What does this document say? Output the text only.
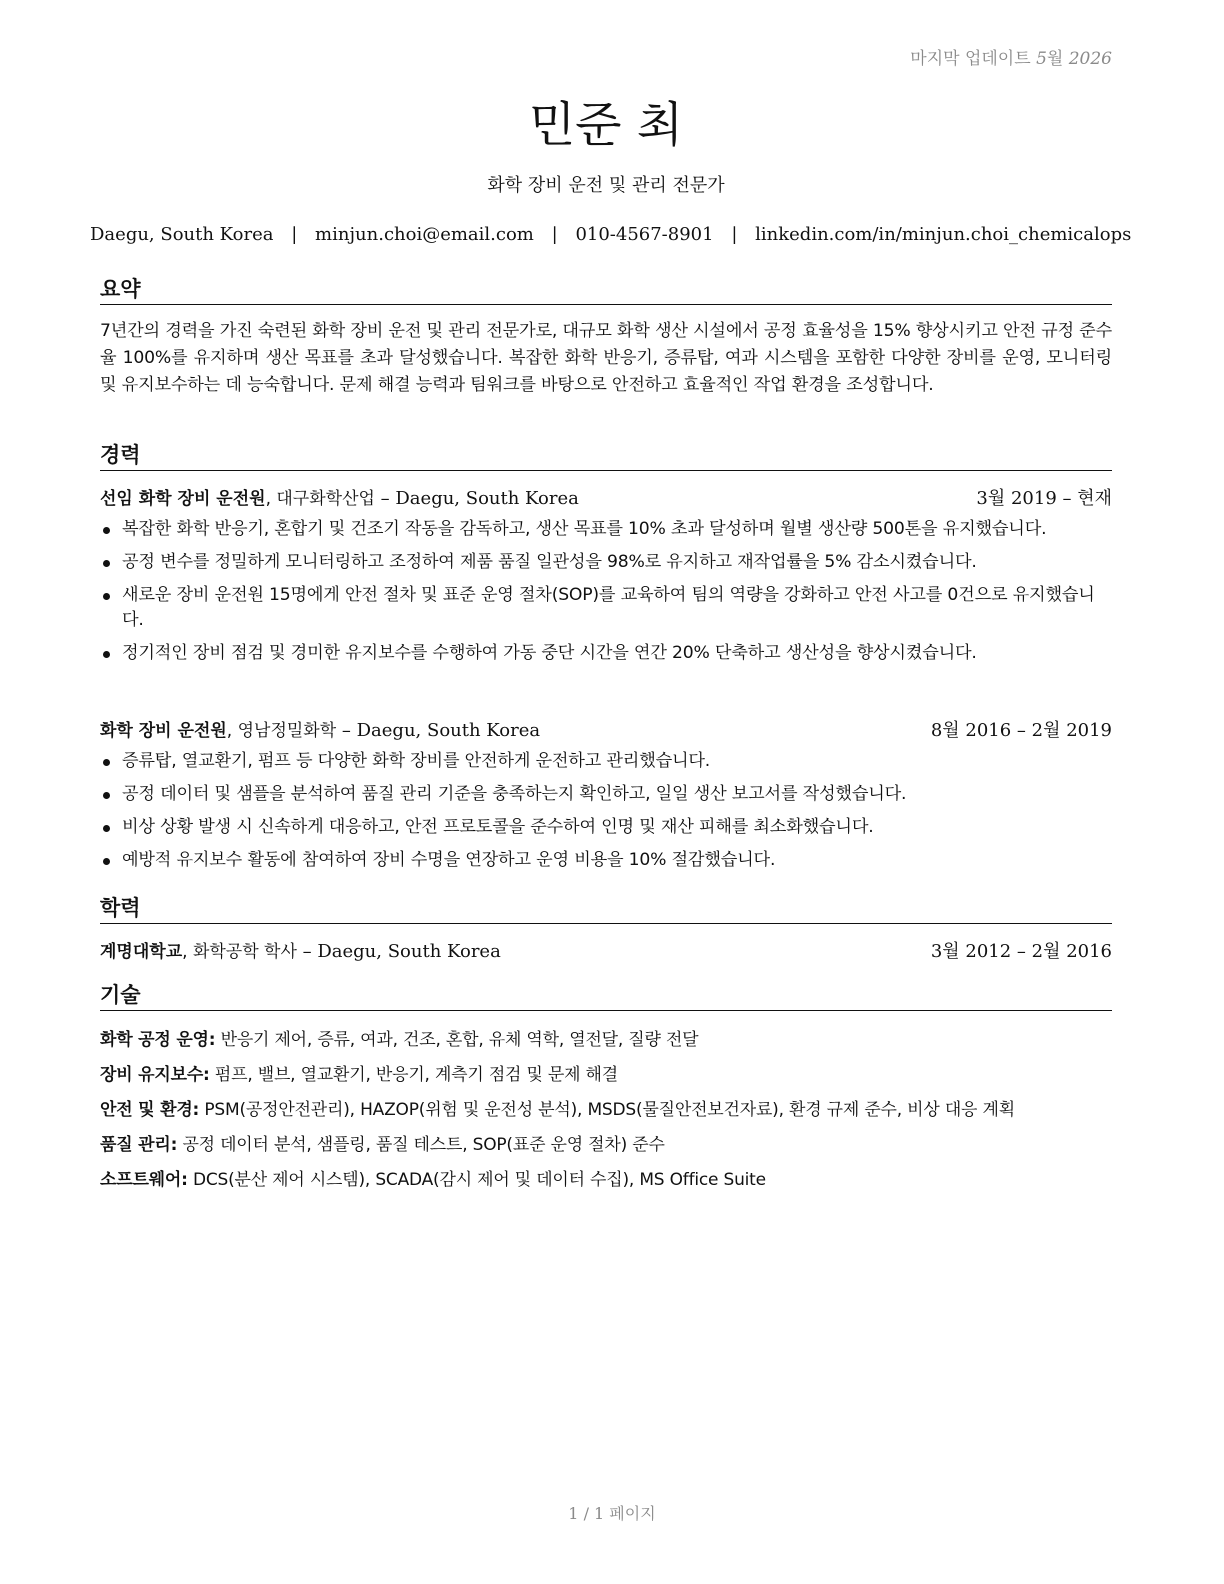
마지막 업데이트 5월 2026
민준 최
화학 장비 운전 및 관리 전문가
Daegu, South Korea | minjun.choi@email.com | 010-4567-8901 | linkedin.com/in/minjun.choi_chemicalops
요약
7년간의 경력을 가진 숙련된 화학 장비 운전 및 관리 전문가로, 대규모 화학 생산 시설에서 공정 효율성을 15% 향상시키고 안전 규정 준수율 100%를 유지하며 생산 목표를 초과 달성했습니다. 복잡한 화학 반응기, 증류탑, 여과 시스템을 포함한 다양한 장비를 운영, 모니터링 및 유지보수하는 데 능숙합니다. 문제 해결 능력과 팀워크를 바탕으로 안전하고 효율적인 작업 환경을 조성합니다.
경력
선임 화학 장비 운전원, 대구화학산업 – Daegu, South Korea	3월 2019 – 현재
복잡한 화학 반응기, 혼합기 및 건조기 작동을 감독하고, 생산 목표를 10% 초과 달성하며 월별 생산량 500톤을 유지했습니다.
공정 변수를 정밀하게 모니터링하고 조정하여 제품 품질 일관성을 98%로 유지하고 재작업률을 5% 감소시켰습니다.
새로운 장비 운전원 15명에게 안전 절차 및 표준 운영 절차(SOP)를 교육하여 팀의 역량을 강화하고 안전 사고를 0건으로 유지했습니다.
정기적인 장비 점검 및 경미한 유지보수를 수행하여 가동 중단 시간을 연간 20% 단축하고 생산성을 향상시켰습니다.
화학 장비 운전원, 영남정밀화학 – Daegu, South Korea	8월 2016 – 2월 2019
증류탑, 열교환기, 펌프 등 다양한 화학 장비를 안전하게 운전하고 관리했습니다.
공정 데이터 및 샘플을 분석하여 품질 관리 기준을 충족하는지 확인하고, 일일 생산 보고서를 작성했습니다.
비상 상황 발생 시 신속하게 대응하고, 안전 프로토콜을 준수하여 인명 및 재산 피해를 최소화했습니다.
예방적 유지보수 활동에 참여하여 장비 수명을 연장하고 운영 비용을 10% 절감했습니다.
학력
계명대학교, 화학공학 학사 – Daegu, South Korea	3월 2012 – 2월 2016
기술
화학 공정 운영: 반응기 제어, 증류, 여과, 건조, 혼합, 유체 역학, 열전달, 질량 전달
장비 유지보수: 펌프, 밸브, 열교환기, 반응기, 계측기 점검 및 문제 해결
안전 및 환경: PSM(공정안전관리), HAZOP(위험 및 운전성 분석), MSDS(물질안전보건자료), 환경 규제 준수, 비상 대응 계획
품질 관리: 공정 데이터 분석, 샘플링, 품질 테스트, SOP(표준 운영 절차) 준수
소프트웨어: DCS(분산 제어 시스템), SCADA(감시 제어 및 데이터 수집), MS Office Suite
1 / 1 페이지
